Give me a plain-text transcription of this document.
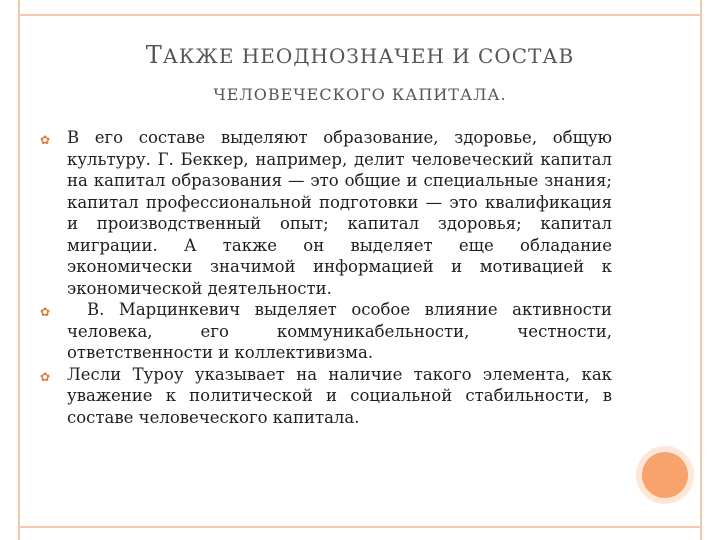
ТАКЖЕ НЕОДНОЗНАЧЕН И СОСТАВ
ЧЕЛОВЕЧЕСКОГО КАПИТАЛА.
✿ В его составе выделяют образование, здоровье, общую культуру. Г. Беккер, например, делит человеческий капитал на капитал образования — это общие и специальные знания; капитал профессиональной подготовки — это квалификация и производственный опыт; капитал здоровья; капитал миграции. А также он выделяет еще обладание экономически значимой информацией и мотивацией к экономической деятельности.
✿ В. Марцинкевич выделяет особое влияние активности человека, его коммуникабельности, честности, ответственности и коллективизма.
✿ Лесли Туроу указывает на наличие такого элемента, как уважение к политической и социальной стабильности, в составе человеческого капитала.
